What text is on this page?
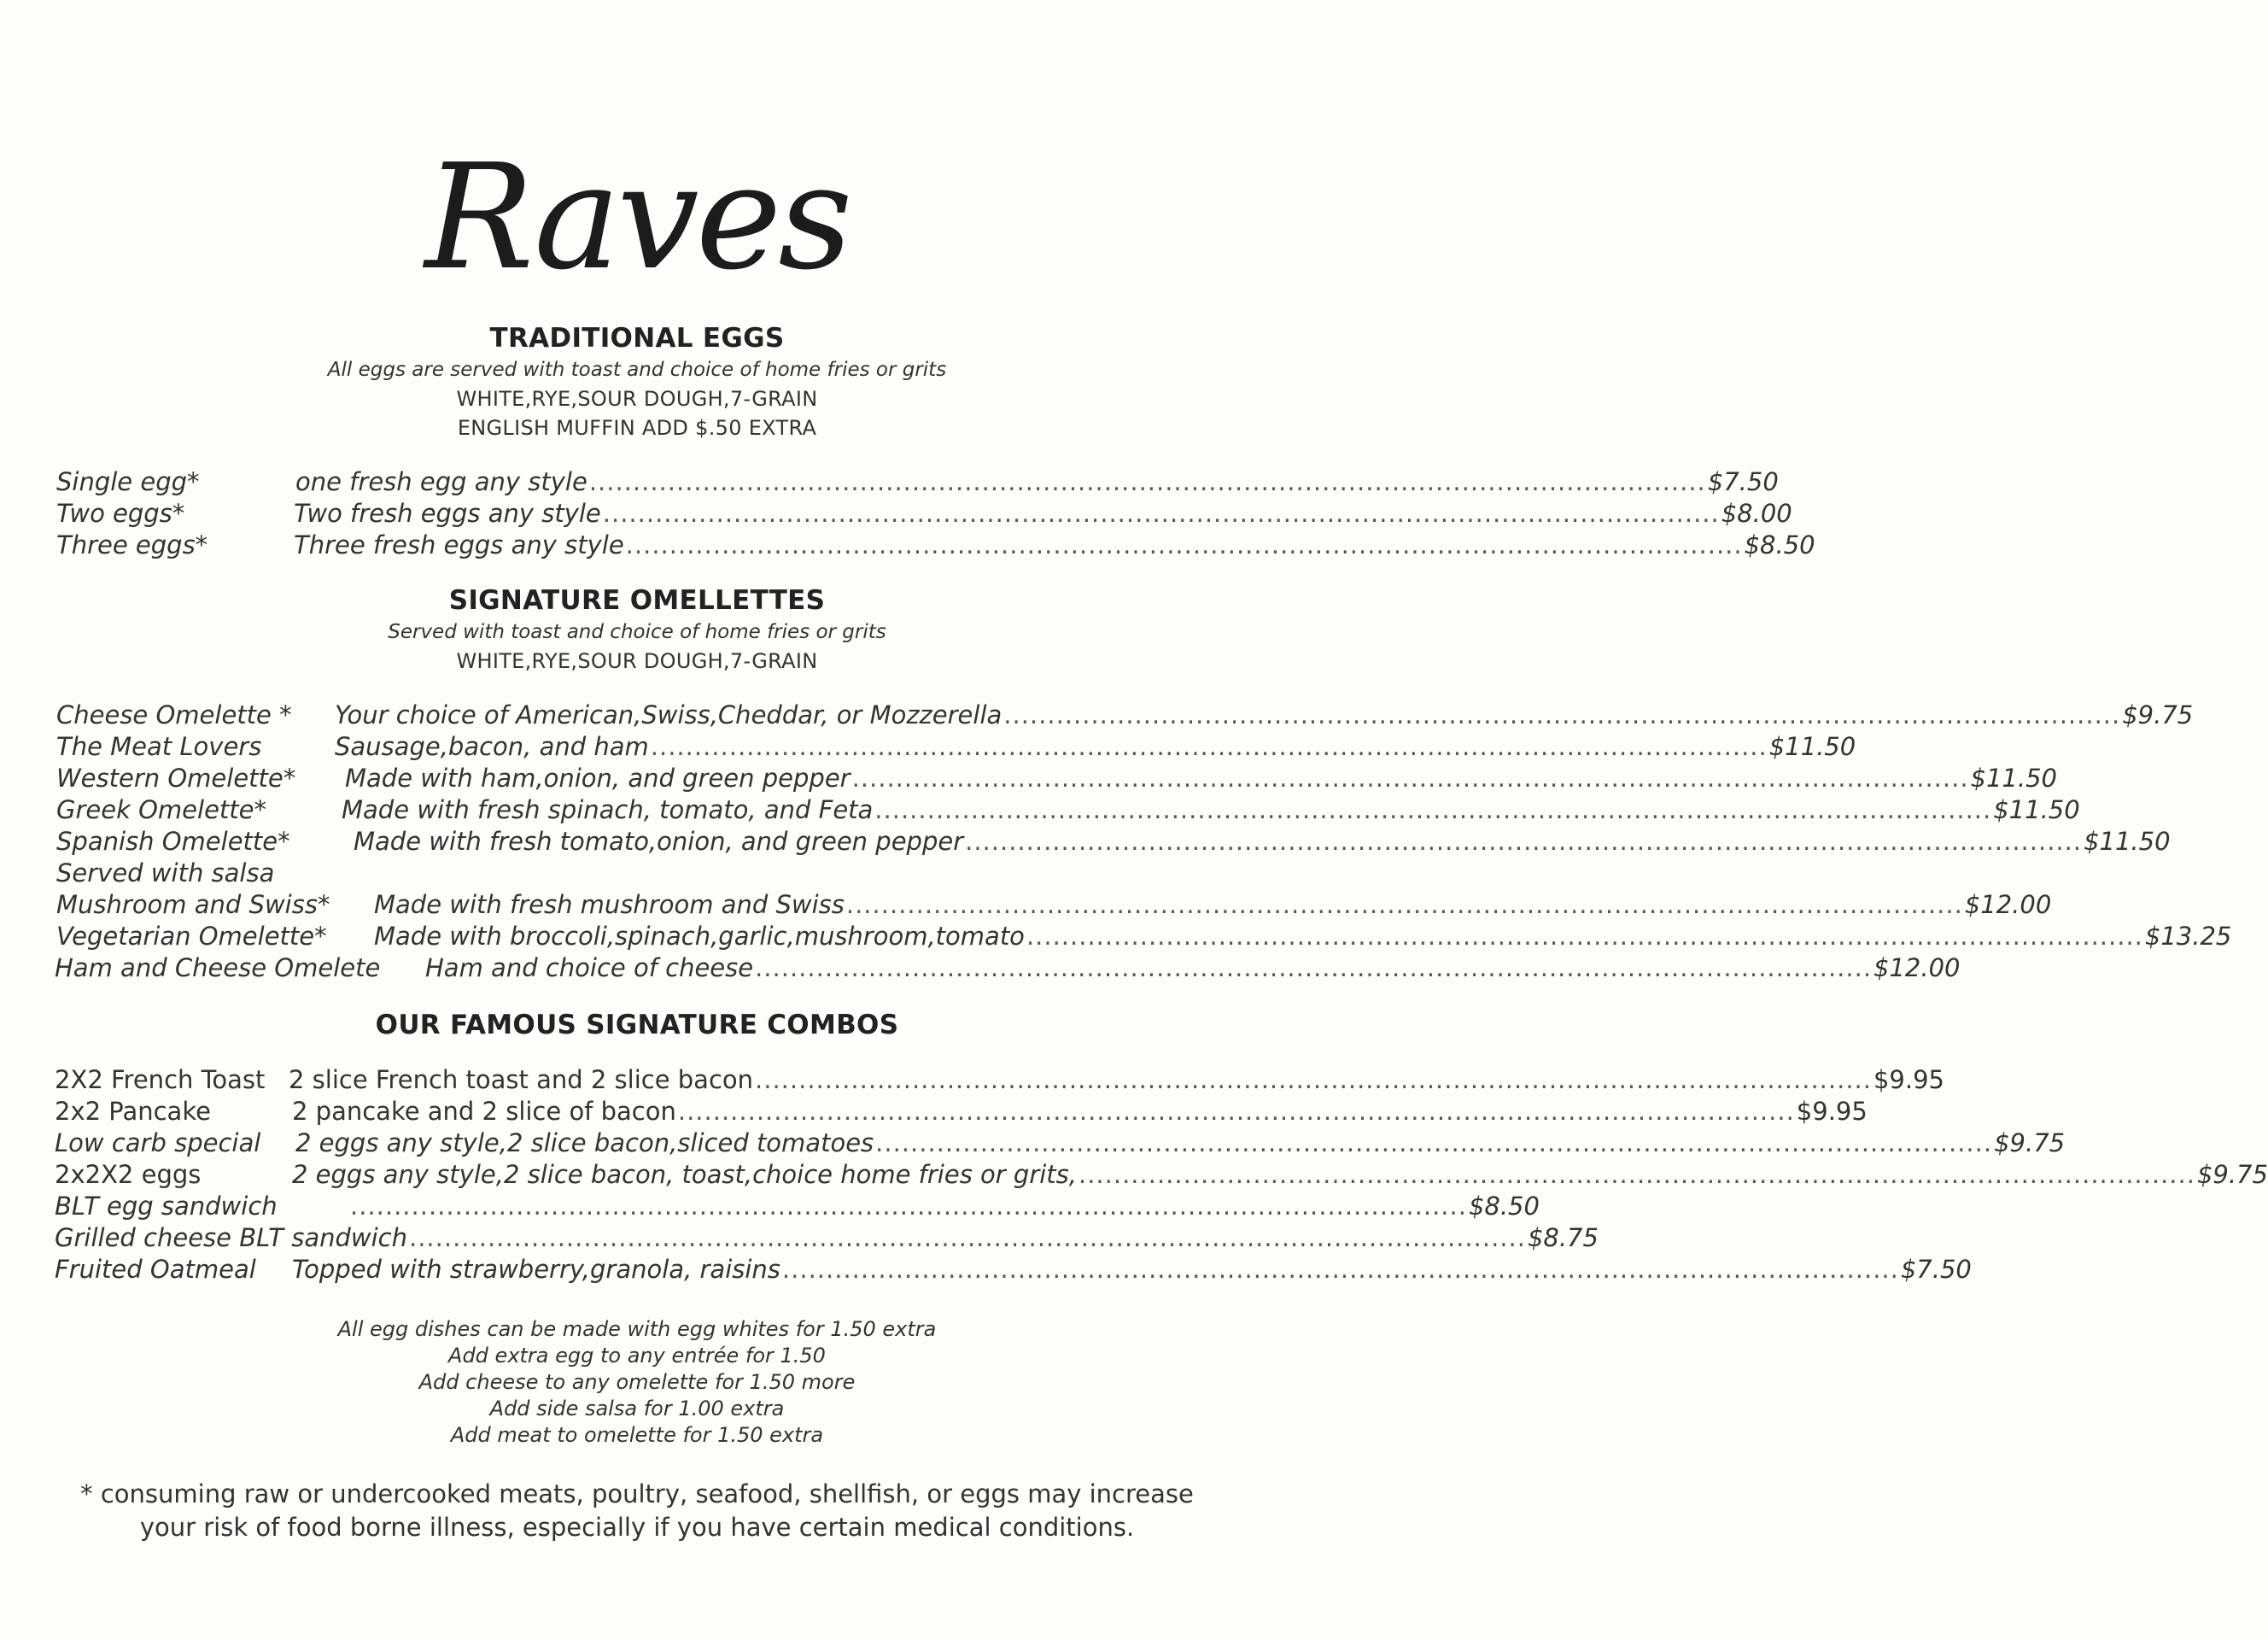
Raves
TRADITIONAL EGGS
All eggs are served with toast and choice of home fries or grits
WHITE,RYE,SOUR DOUGH,7-GRAIN
ENGLISH MUFFIN ADD $.50 EXTRA
Single egg*	one fresh egg any style ................................................................................................................................ $7.50
Two eggs*	Two fresh eggs any style ................................................................................................................................ $8.00
Three eggs*	Three fresh eggs any style ................................................................................................................................ $8.50
SIGNATURE OMELLETTES
Served with toast and choice of home fries or grits
WHITE,RYE,SOUR DOUGH,7-GRAIN
Cheese Omelette * Your choice of American,Swiss,Cheddar, or Mozzerella ................................................................................................................................ $9.75
The Meat Lovers	Sausage,bacon, and ham ................................................................................................................................ $11.50
Western Omelette* Made with ham,onion, and green pepper ................................................................................................................................ $11.50
Greek Omelette*	Made with fresh spinach, tomato, and Feta ................................................................................................................................ $11.50
Spanish Omelette*	Made with fresh tomato,onion, and green pepper ................................................................................................................................ $11.50
Served with salsa
Mushroom and Swiss* Made with fresh mushroom and Swiss ................................................................................................................................ $12.00
Vegetarian Omelette* Made with broccoli,spinach,garlic,mushroom,tomato ................................................................................................................................ $13.25
Ham and Cheese Omelete Ham and choice of cheese ................................................................................................................................ $12.00
OUR FAMOUS SIGNATURE COMBOS
2X2 French Toast 2 slice French toast and 2 slice bacon ................................................................................................................................ $9.95
2x2 Pancake	2 pancake and 2 slice of bacon ................................................................................................................................ $9.95
Low carb special 2 eggs any style,2 slice bacon,sliced tomatoes ................................................................................................................................ $9.75
2x2X2 eggs	2 eggs any style,2 slice bacon, toast,choice home fries or grits, ................................................................................................................................ $9.75
BLT egg sandwich	................................................................................................................................ $8.50
Grilled cheese BLT sandwich ................................................................................................................................ $8.75
Fruited Oatmeal Topped with strawberry,granola, raisins ................................................................................................................................ $7.50
All egg dishes can be made with egg whites for 1.50 extra
Add extra egg to any entrée for 1.50
Add cheese to any omelette for 1.50 more
Add side salsa for 1.00 extra
Add meat to omelette for 1.50 extra
* consuming raw or undercooked meats, poultry, seafood, shellfish, or eggs may increase
your risk of food borne illness, especially if you have certain medical conditions.
